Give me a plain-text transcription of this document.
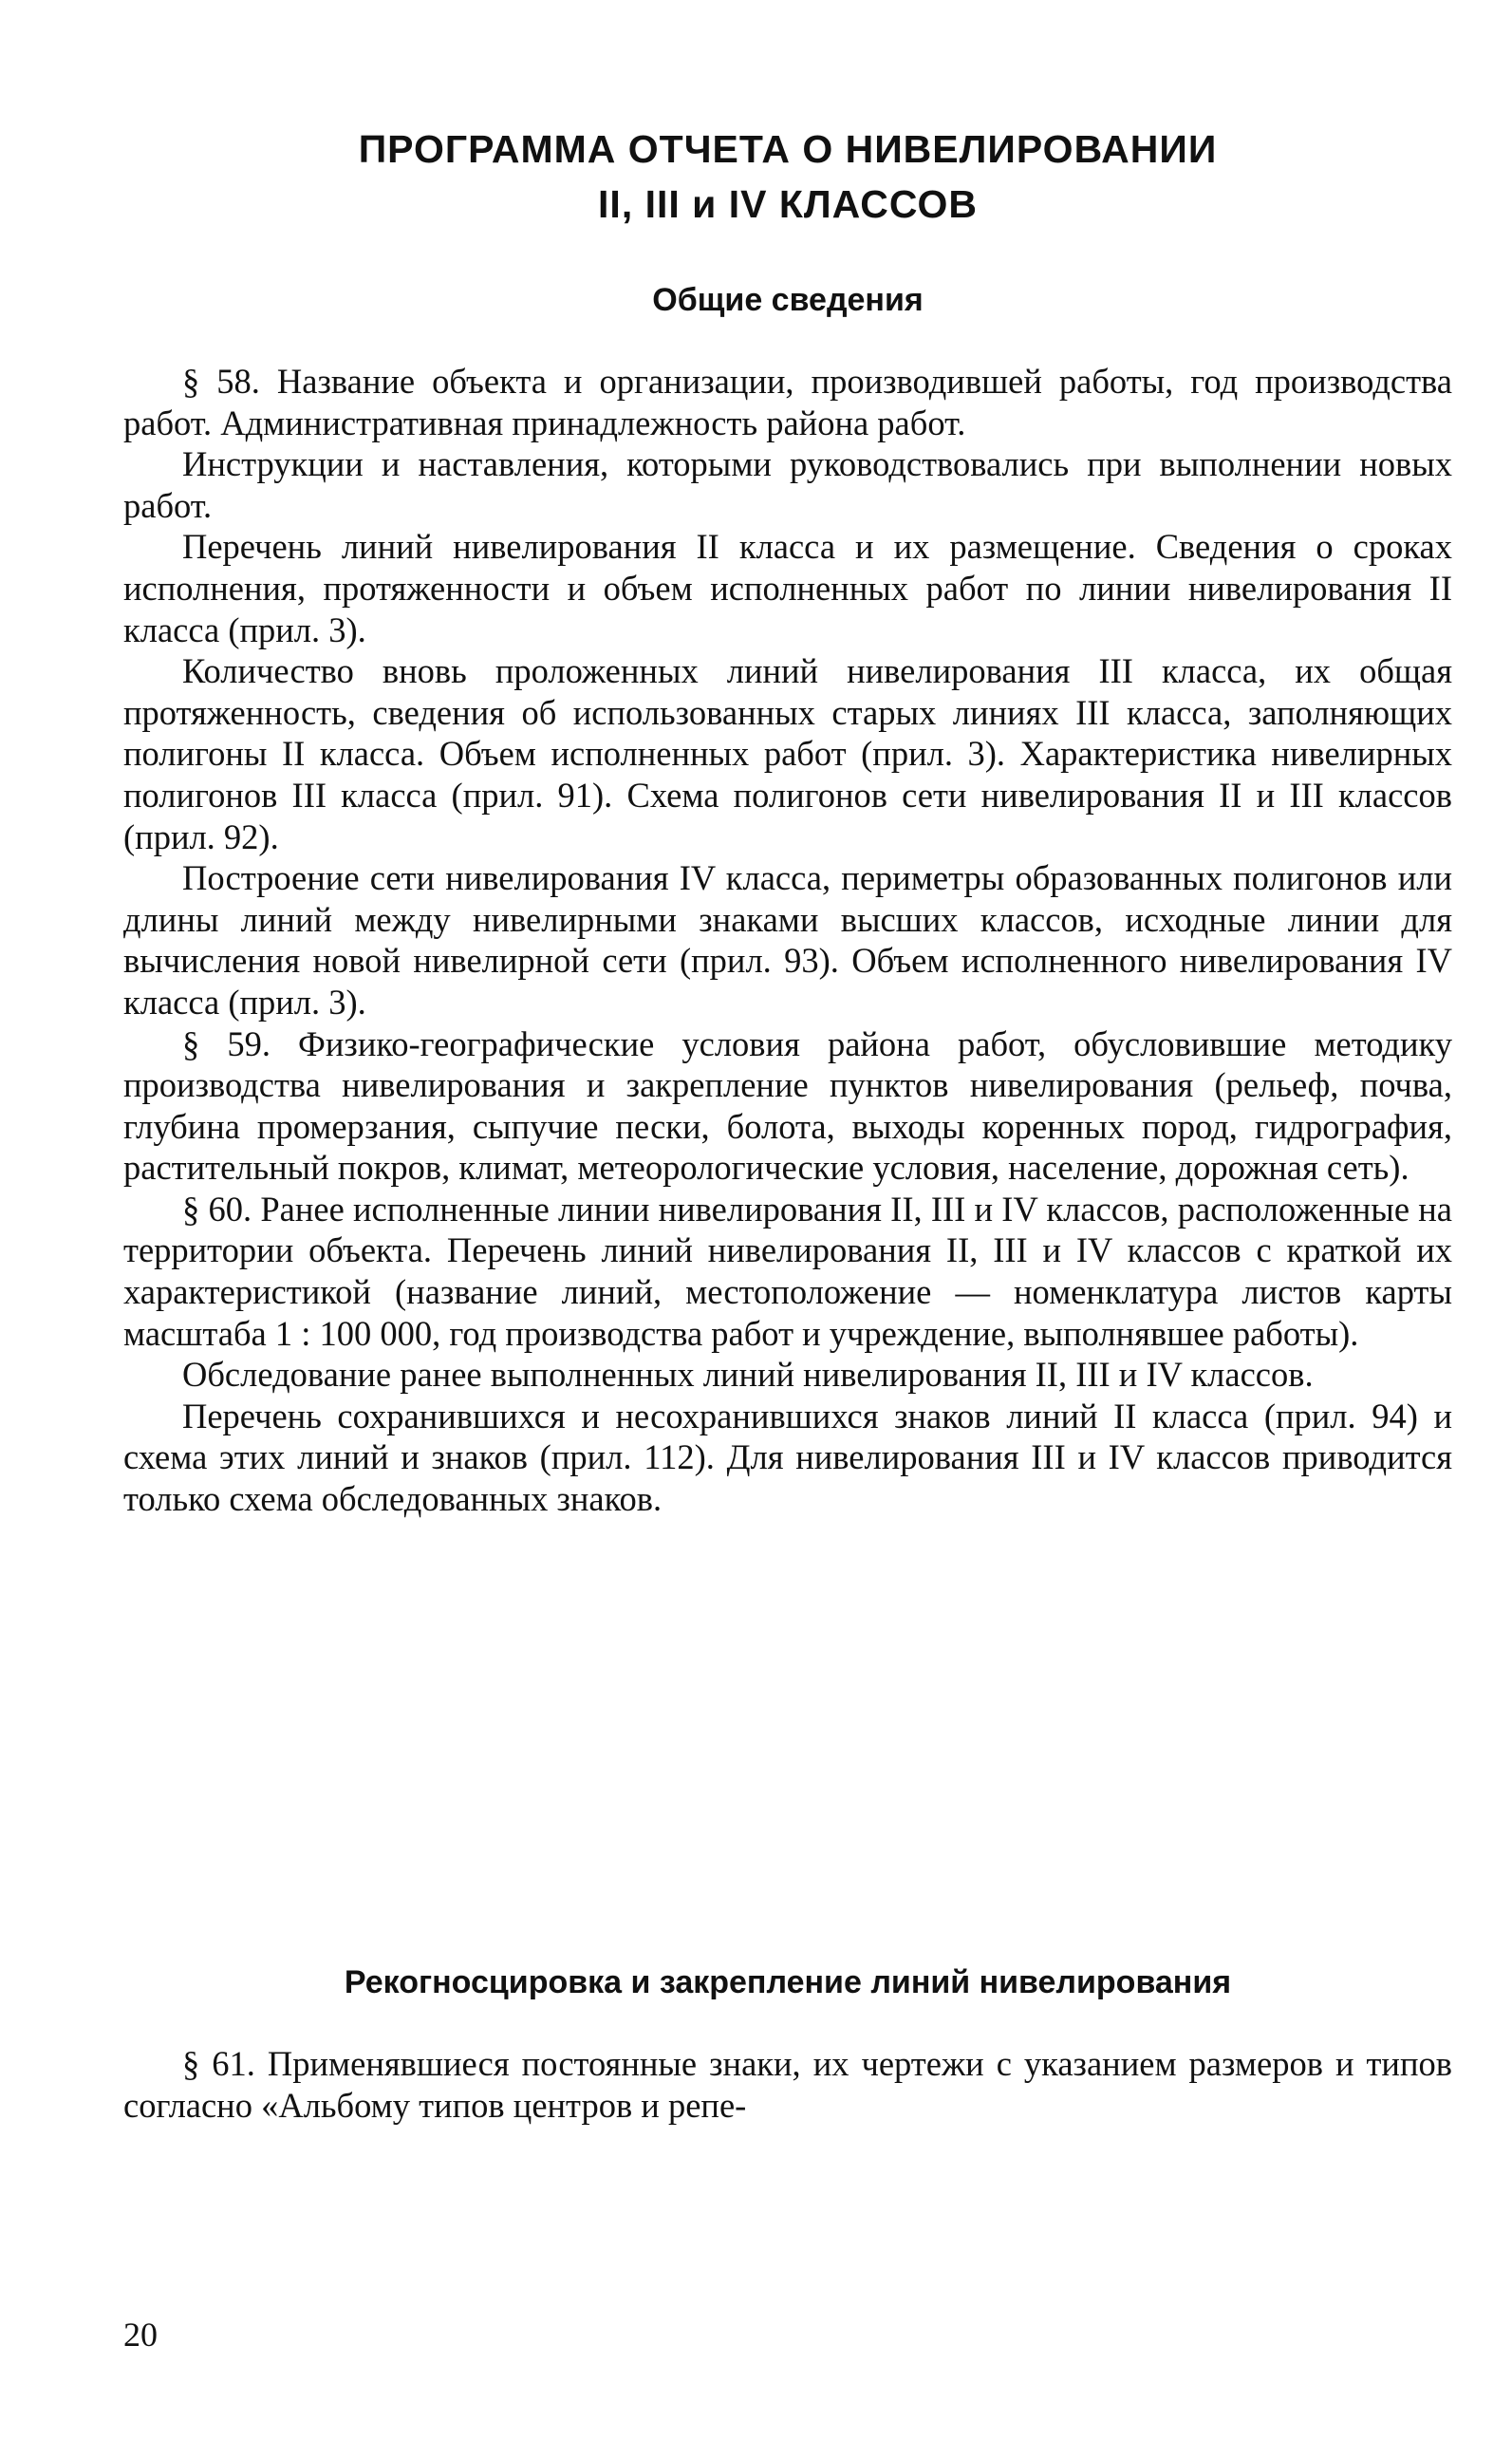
ПРОГРАММА ОТЧЕТА О НИВЕЛИРОВАНИИ
II, III и IV КЛАССОВ
Общие сведения

§ 58. Название объекта и организации, производившей работы, год производства работ. Административная принадлежность района работ.

Инструкции и наставления, которыми руководствовались при выполнении новых работ.

Перечень линий нивелирования II класса и их размещение. Сведения о сроках исполнения, протяженности и объем исполненных работ по линии нивелирования II класса (прил. 3).

Количество вновь проложенных линий нивелирования III класса, их общая протяженность, сведения об использованных старых линиях III класса, заполняющих полигоны II класса. Объем исполненных работ (прил. 3). Характеристика нивелирных полигонов III класса (прил. 91). Схема полигонов сети нивелирования II и III классов (прил. 92).

Построение сети нивелирования IV класса, периметры образованных полигонов или длины линий между нивелирными знаками высших классов, исходные линии для вычисления новой нивелирной сети (прил. 93). Объем исполненного нивелирования IV класса (прил. 3).

§ 59. Физико-географические условия района работ, обусловившие методику производства нивелирования и закрепление пунктов нивелирования (рельеф, почва, глубина промерзания, сыпучие пески, болота, выходы коренных пород, гидрография, растительный покров, климат, метеорологические условия, население, дорожная сеть).

§ 60. Ранее исполненные линии нивелирования II, III и IV классов, расположенные на территории объекта. Перечень линий нивелирования II, III и IV классов с краткой их характеристикой (название линий, местоположение — номенклатура листов карты масштаба 1 : 100 000, год производства работ и учреждение, выполнявшее работы).

Обследование ранее выполненных линий нивелирования II, III и IV классов.

Перечень сохранившихся и несохранившихся знаков линий II класса (прил. 94) и схема этих линий и знаков (прил. 112). Для нивелирования III и IV классов приводится только схема обследованных знаков.

Рекогносцировка и закрепление линий нивелирования

§ 61. Применявшиеся постоянные знаки, их чертежи с указанием размеров и типов согласно «Альбому типов центров и репе-

20
